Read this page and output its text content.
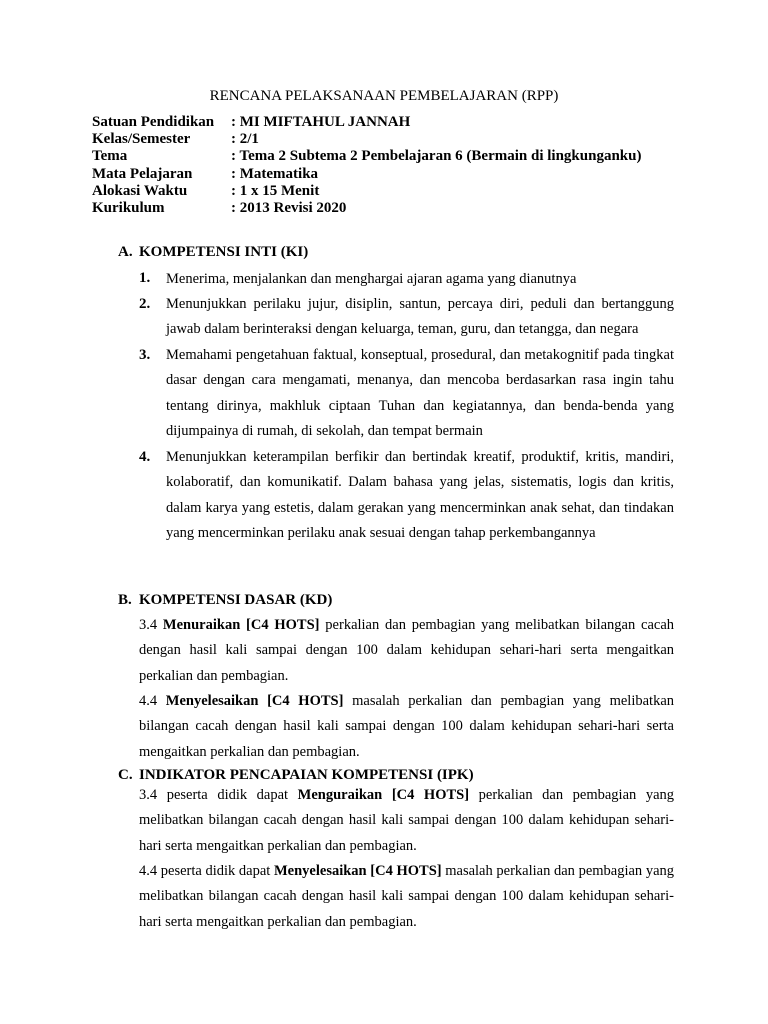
RENCANA PELAKSANAAN PEMBELAJARAN (RPP)
Satuan Pendidikan	: MI MIFTAHUL JANNAH
Kelas/Semester	: 2/1
Tema	: Tema 2 Subtema 2 Pembelajaran 6 (Bermain di lingkunganku)
Mata Pelajaran	: Matematika
Alokasi Waktu	: 1 x 15 Menit
Kurikulum	: 2013 Revisi 2020
A. KOMPETENSI INTI (KI)
1. Menerima, menjalankan dan menghargai ajaran agama yang dianutnya
2. Menunjukkan perilaku jujur, disiplin, santun, percaya diri, peduli dan bertanggung jawab dalam berinteraksi dengan keluarga, teman, guru, dan tetangga, dan negara
3. Memahami pengetahuan faktual, konseptual, prosedural, dan metakognitif pada tingkat dasar dengan cara mengamati, menanya, dan mencoba berdasarkan rasa ingin tahu tentang dirinya, makhluk ciptaan Tuhan dan kegiatannya, dan benda-benda yang dijumpainya di rumah, di sekolah, dan tempat bermain
4. Menunjukkan keterampilan berfikir dan bertindak kreatif, produktif, kritis, mandiri, kolaboratif, dan komunikatif. Dalam bahasa yang jelas, sistematis, logis dan kritis, dalam karya yang estetis, dalam gerakan yang mencerminkan anak sehat, dan tindakan yang mencerminkan perilaku anak sesuai dengan tahap perkembangannya
B. KOMPETENSI DASAR (KD)
3.4 Menuraikan [C4 HOTS] perkalian dan pembagian yang melibatkan bilangan cacah dengan hasil kali sampai dengan 100 dalam kehidupan sehari-hari serta mengaitkan perkalian dan pembagian.
4.4 Menyelesaikan [C4 HOTS] masalah perkalian dan pembagian yang melibatkan bilangan cacah dengan hasil kali sampai dengan 100 dalam kehidupan sehari-hari serta mengaitkan perkalian dan pembagian.
C. INDIKATOR PENCAPAIAN KOMPETENSI (IPK)
3.4 peserta didik dapat Menguraikan [C4 HOTS] perkalian dan pembagian yang melibatkan bilangan cacah dengan hasil kali sampai dengan 100 dalam kehidupan sehari-hari serta mengaitkan perkalian dan pembagian.
4.4 peserta didik dapat Menyelesaikan [C4 HOTS] masalah perkalian dan pembagian yang melibatkan bilangan cacah dengan hasil kali sampai dengan 100 dalam kehidupan sehari-hari serta mengaitkan perkalian dan pembagian.
